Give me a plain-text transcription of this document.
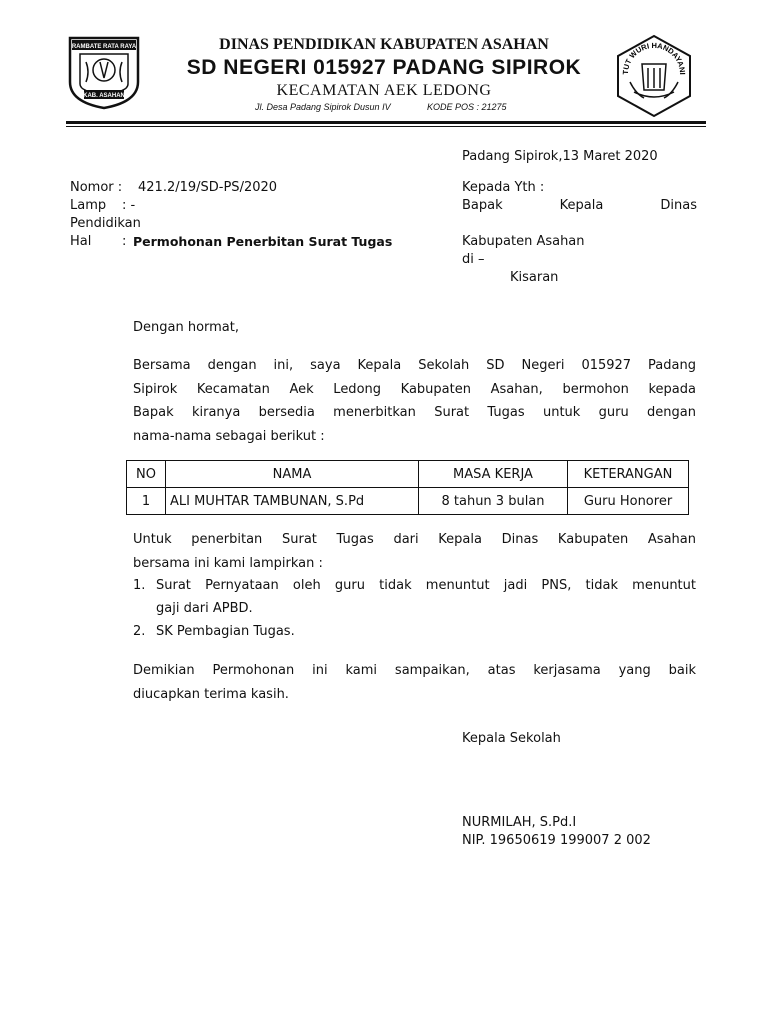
RAMBATE RATA RAYA
KAB. ASAHAN
TUT WURI HANDAYANI
DINAS PENDIDIKAN KABUPATEN ASAHAN
SD NEGERI 015927 PADANG SIPIROK
KECAMATAN AEK LEDONG
Jl. Desa Padang Sipirok Dusun IV	KODE POS : 21275
Padang Sipirok,13 Maret 2020
Nomor : 421.2/19/SD-PS/2020
Lamp : -
Pendidikan
Hal : Permohonan Penerbitan Surat Tugas
Kepada Yth :
Bapak	Kepala	Dinas
Kabupaten Asahan
di –
Kisaran
Dengan hormat,
Bersama dengan ini, saya Kepala Sekolah SD Negeri 015927 Padang
Sipirok Kecamatan Aek Ledong Kabupaten Asahan, bermohon kepada
Bapak kiranya bersedia menerbitkan Surat Tugas untuk guru dengan
nama-nama sebagai berikut :
NO	NAMA	MASA KERJA	KETERANGAN
1	ALI MUHTAR TAMBUNAN, S.Pd	8 tahun 3 bulan	Guru Honorer
Untuk penerbitan Surat Tugas dari Kepala Dinas Kabupaten Asahan
bersama ini kami lampirkan :
1. Surat Pernyataan oleh guru tidak menuntut jadi PNS, tidak menuntut
gaji dari APBD.
2. SK Pembagian Tugas.
Demikian Permohonan ini kami sampaikan, atas kerjasama yang baik
diucapkan terima kasih.
Kepala Sekolah
NURMILAH, S.Pd.I
NIP. 19650619 199007 2 002
